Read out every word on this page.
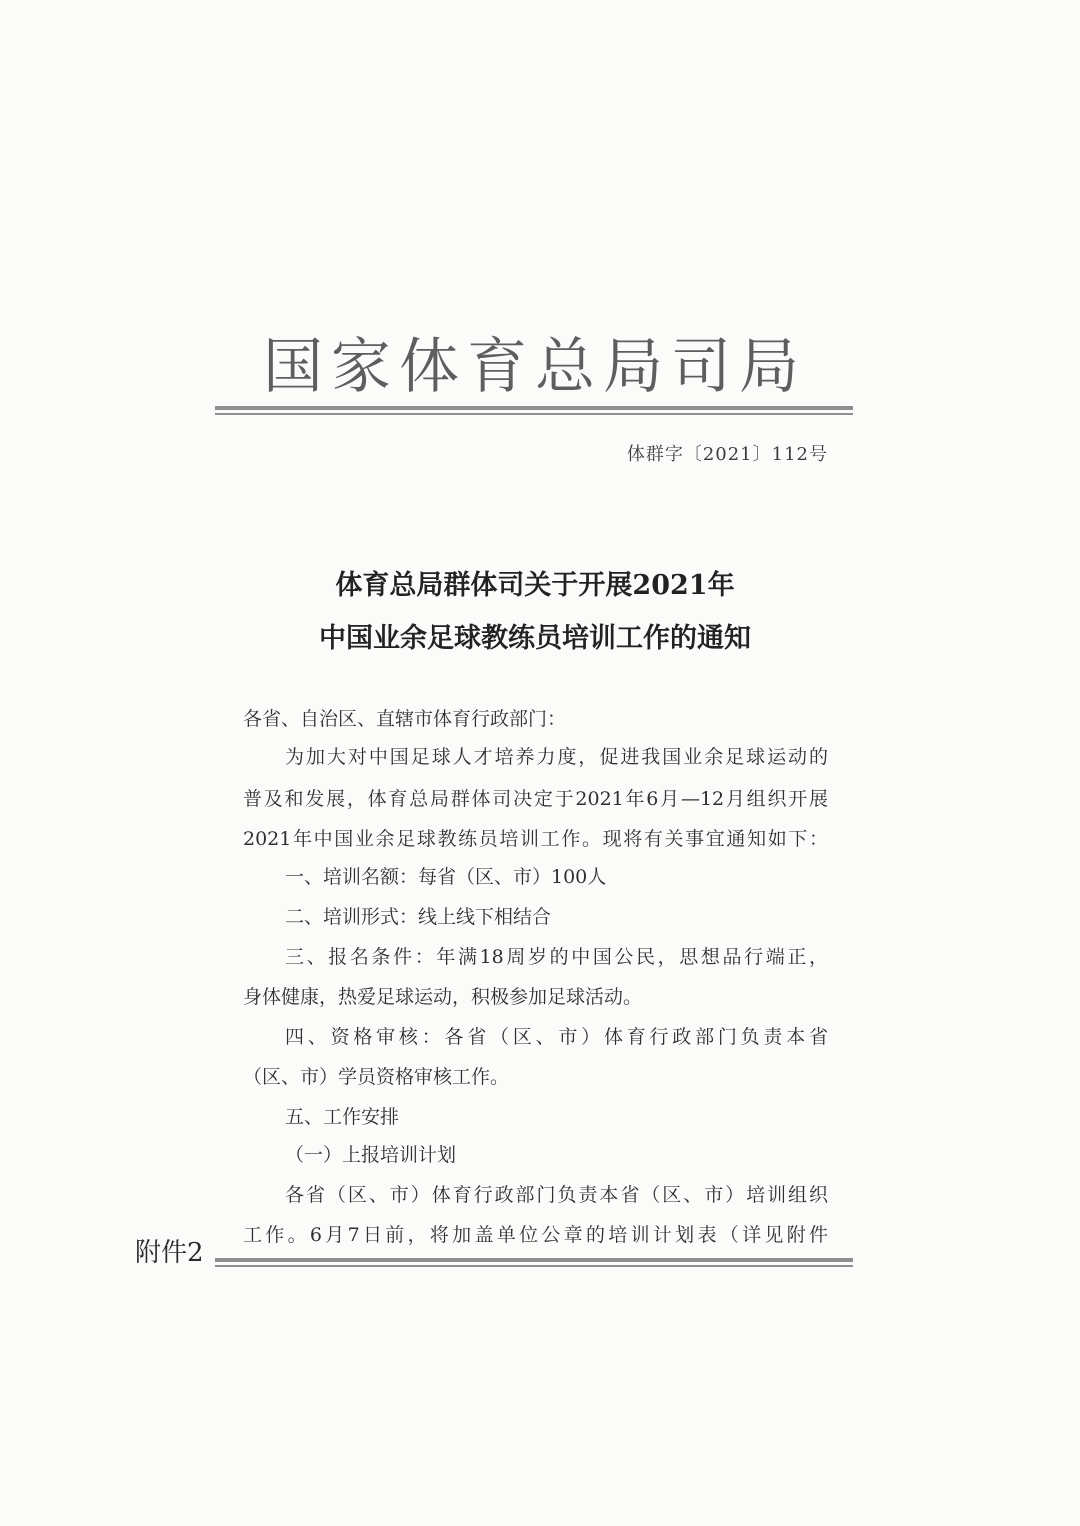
国家体育总局司局
体群字〔2021〕112号
体育总局群体司关于开展2021年
中国业余足球教练员培训工作的通知
各省、自治区、直辖市体育行政部门：
为加大对中国足球人才培养力度，促进我国业余足球运动的
普及和发展，体育总局群体司决定于2021年6月—12月组织开展
2021年中国业余足球教练员培训工作。现将有关事宜通知如下：
一、培训名额：每省（区、市）100人
二、培训形式：线上线下相结合
三、报名条件：年满18周岁的中国公民，思想品行端正，
身体健康，热爱足球运动，积极参加足球活动。
四、资格审核：各省（区、市）体育行政部门负责本省
（区、市）学员资格审核工作。
五、工作安排
（一）上报培训计划
各省（区、市）体育行政部门负责本省（区、市）培训组织
工作。6月7日前，将加盖单位公章的培训计划表（详见附件
附件2
